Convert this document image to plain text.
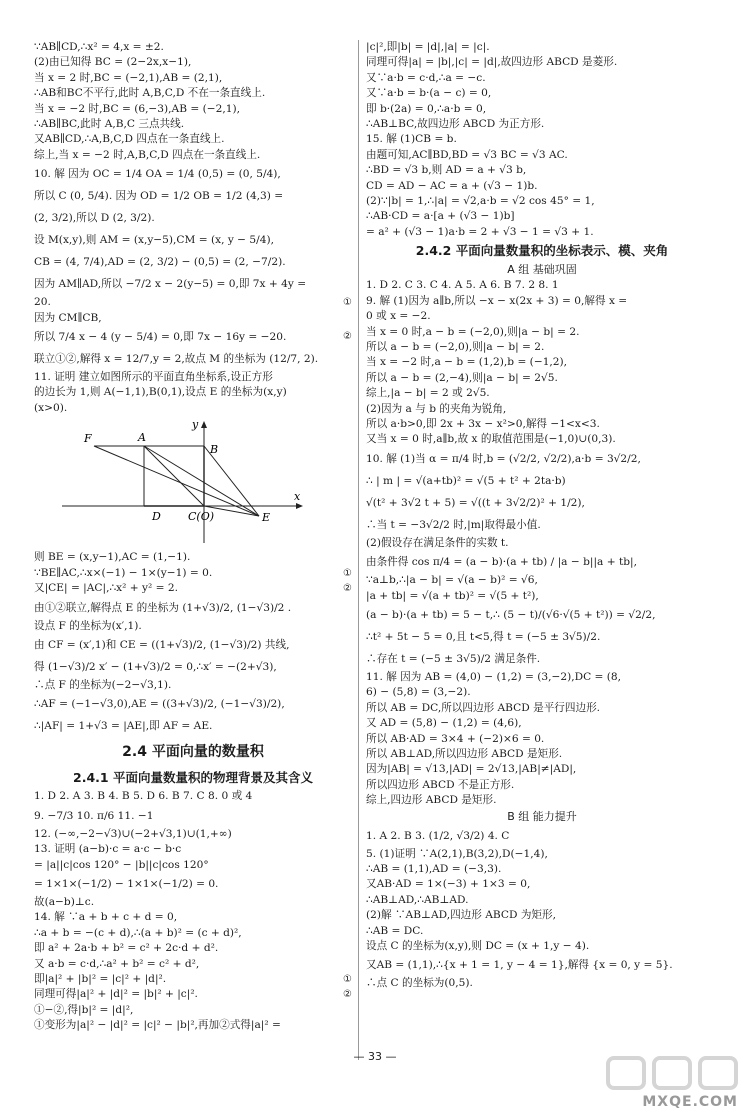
∵AB∥CD,∴x² = 4,x = ±2.
(2)由已知得 BC = (2−2x,x−1),
当 x = 2 时,BC = (−2,1),AB = (2,1),
∴AB和BC不平行,此时 A,B,C,D 不在一条直线上.
当 x = −2 时,BC = (6,−3),AB = (−2,1),
∴AB∥BC,此时 A,B,C 三点共线.
又AB∥CD,∴A,B,C,D 四点在一条直线上.
综上,当 x = −2 时,A,B,C,D 四点在一条直线上.
10. 解 因为 OC = 1/4 OA = 1/4 (0,5) = (0, 5/4),
所以 C (0, 5/4). 因为 OD = 1/2 OB = 1/2 (4,3) =
(2, 3/2),所以 D (2, 3/2).
设 M(x,y),则 AM = (x,y−5),CM = (x, y − 5/4),
CB = (4, 7/4),AD = (2, 3/2) − (0,5) = (2, −7/2).
因为 AM∥AD,所以 −7/2 x − 2(y−5) = 0,即 7x + 4y =
20.	①
因为 CM∥CB,
所以 7/4 x − 4 (y − 5/4) = 0,即 7x − 16y = −20.	②
联立①②,解得 x = 12/7,y = 2,故点 M 的坐标为 (12/7, 2).
11. 证明 建立如图所示的平面直角坐标系,设正方形
的边长为 1,则 A(−1,1),B(0,1),设点 E 的坐标为(x,y)
(x>0).
F	A
B
y
D C(O)	E
x
则 BE = (x,y−1),AC = (1,−1).
∵BE∥AC,∴x×(−1) − 1×(y−1) = 0.	①
又|CE| = |AC|,∴x² + y² = 2.	②
由①②联立,解得点 E 的坐标为 (1+√3)/2, (1−√3)/2 .
设点 F 的坐标为(x′,1).
由 CF = (x′,1)和 CE = ((1+√3)/2, (1−√3)/2) 共线,
得 (1−√3)/2 x′ − (1+√3)/2 = 0,∴x′ = −(2+√3),
∴点 F 的坐标为(−2−√3,1).
∴AF = (−1−√3,0),AE = ((3+√3)/2, (−1−√3)/2),
∴|AF| = 1+√3 = |AE|,即 AF = AE.
2.4 平面向量的数量积
2.4.1 平面向量数量积的物理背景及其含义
1. D 2. A 3. B 4. B 5. D 6. B 7. C 8. 0 或 4
9. −7/3 10. π/6 11. −1
12. (−∞,−2−√3)∪(−2+√3,1)∪(1,+∞)
13. 证明 (a−b)·c = a·c − b·c
= |a||c|cos 120° − |b||c|cos 120°
= 1×1×(−1/2) − 1×1×(−1/2) = 0.
故(a−b)⊥c.
14. 解 ∵a + b + c + d = 0,
∴a + b = −(c + d),∴(a + b)² = (c + d)²,
即 a² + 2a·b + b² = c² + 2c·d + d².
又 a·b = c·d,∴a² + b² = c² + d²,
即|a|² + |b|² = |c|² + |d|².	①
同理可得|a|² + |d|² = |b|² + |c|².	②
①−②,得|b|² = |d|²,
①变形为|a|² − |d|² = |c|² − |b|²,再加②式得|a|² =
|c|²,即|b| = |d|,|a| = |c|.
同理可得|a| = |b|,|c| = |d|,故四边形 ABCD 是菱形.
又∵a·b = c·d,∴a = −c.
又∵a·b = b·(a − c) = 0,
即 b·(2a) = 0,∴a·b = 0,
∴AB⊥BC,故四边形 ABCD 为正方形.
15. 解 (1)CB = b.
由题可知,AC∥BD,BD = √3 BC = √3 AC.
∴BD = √3 b,则 AD = a + √3 b,
CD = AD − AC = a + (√3 − 1)b.
(2)∵|b| = 1,∴|a| = √2,a·b = √2 cos 45° = 1,
∴AB·CD = a·[a + (√3 − 1)b]
= a² + (√3 − 1)a·b = 2 + √3 − 1 = √3 + 1.
2.4.2 平面向量数量积的坐标表示、模、夹角
A 组 基础巩固
1. D 2. C 3. C 4. A 5. A 6. B 7. 2 8. 1
9. 解 (1)因为 a∥b,所以 −x − x(2x + 3) = 0,解得 x =
0 或 x = −2.
当 x = 0 时,a − b = (−2,0),则|a − b| = 2.
所以 a − b = (−2,0),则|a − b| = 2.
当 x = −2 时,a − b = (1,2),b = (−1,2),
所以 a − b = (2,−4),则|a − b| = 2√5.
综上,|a − b| = 2 或 2√5.
(2)因为 a 与 b 的夹角为锐角,
所以 a·b>0,即 2x + 3x − x²>0,解得 −1<x<3.
又当 x = 0 时,a∥b,故 x 的取值范围是(−1,0)∪(0,3).
10. 解 (1)当 α = π/4 时,b = (√2/2, √2/2),a·b = 3√2/2,
∴ | m | = √(a+tb)² = √(5 + t² + 2ta·b)
√(t² + 3√2 t + 5) = √((t + 3√2/2)² + 1/2),
∴当 t = −3√2/2 时,|m|取得最小值.
(2)假设存在满足条件的实数 t.
由条件得 cos π/4 = (a − b)·(a + tb) / |a − b||a + tb|,
∵a⊥b,∴|a − b| = √(a − b)² = √6,
|a + tb| = √(a + tb)² = √(5 + t²),
(a − b)·(a + tb) = 5 − t,∴ (5 − t)/(√6·√(5 + t²)) = √2/2,
∴t² + 5t − 5 = 0,且 t<5,得 t = (−5 ± 3√5)/2.
∴存在 t = (−5 ± 3√5)/2 满足条件.
11. 解 因为 AB = (4,0) − (1,2) = (3,−2),DC = (8,
6) − (5,8) = (3,−2).
所以 AB = DC,所以四边形 ABCD 是平行四边形.
又 AD = (5,8) − (1,2) = (4,6),
所以 AB·AD = 3×4 + (−2)×6 = 0.
所以 AB⊥AD,所以四边形 ABCD 是矩形.
因为|AB| = √13,|AD| = 2√13,|AB|≠|AD|,
所以四边形 ABCD 不是正方形.
综上,四边形 ABCD 是矩形.
B 组 能力提升
1. A 2. B 3. (1/2, √3/2) 4. C
5. (1)证明 ∵A(2,1),B(3,2),D(−1,4),
∴AB = (1,1),AD = (−3,3).
又AB·AD = 1×(−3) + 1×3 = 0,
∴AB⊥AD,∴AB⊥AD.
(2)解 ∵AB⊥AD,四边形 ABCD 为矩形,
∴AB = DC.
设点 C 的坐标为(x,y),则 DC = (x + 1,y − 4).
又AB = (1,1),∴{x + 1 = 1, y − 4 = 1},解得 {x = 0, y = 5}.
∴点 C 的坐标为(0,5).
— 33 —
MXQE.COM
